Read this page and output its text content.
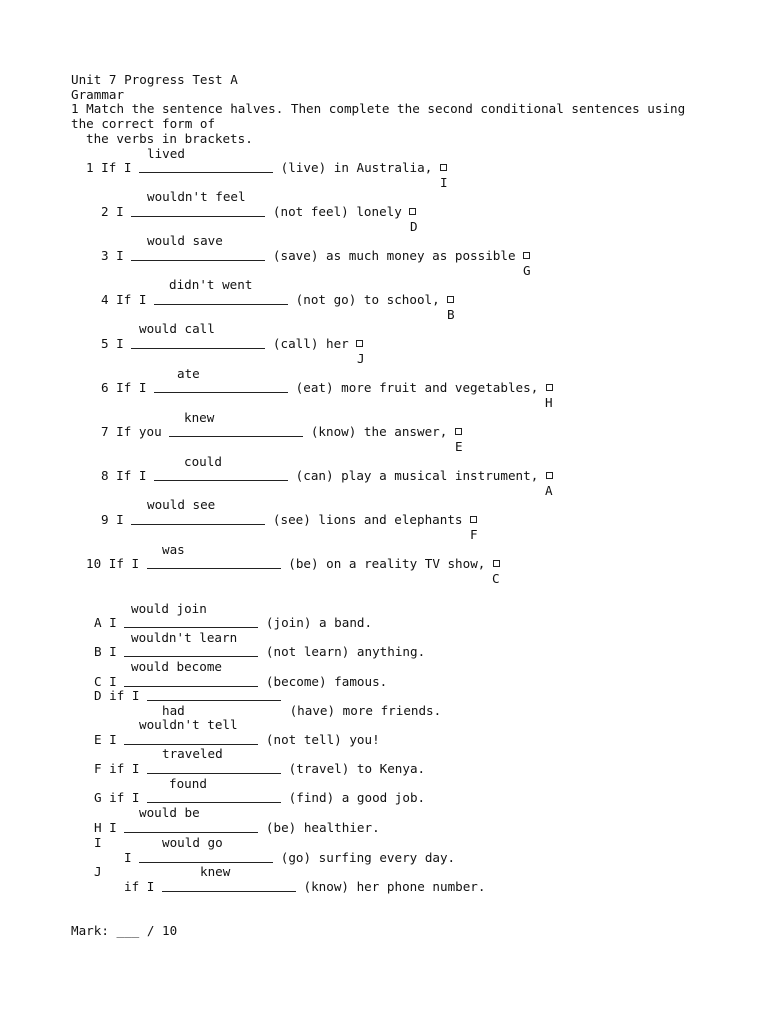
Unit 7 Progress Test A
Grammar
1 Match the sentence halves. Then complete the second conditional sentences using
the correct form of
the verbs in brackets.
lived
1 If I	(live) in Australia,
I
wouldn't feel
2 I	(not feel) lonely
D
would save
3 I	(save) as much money as possible
G
didn't went
4 If I	(not go) to school,
B
would call
5 I	(call) her
J
ate
6 If I	(eat) more fruit and vegetables,
H
knew
7 If you	(know) the answer,
E
could
8 If I	(can) play a musical instrument,
A
would see
9 I	(see) lions and elephants
F
was
10 If I	(be) on a reality TV show,
C
would join
A I	(join) a band.
wouldn't learn
B I	(not learn) anything.
would become
C I	(become) famous.
D if I
had	(have) more friends.
wouldn't tell
E I	(not tell) you!
traveled
F if I	(travel) to Kenya.
found
G if I	(find) a good job.
would be
H I	(be) healthier.
I	would go
I	(go) surfing every day.
J	knew
if I	(know) her phone number.
Mark: ___ / 10
